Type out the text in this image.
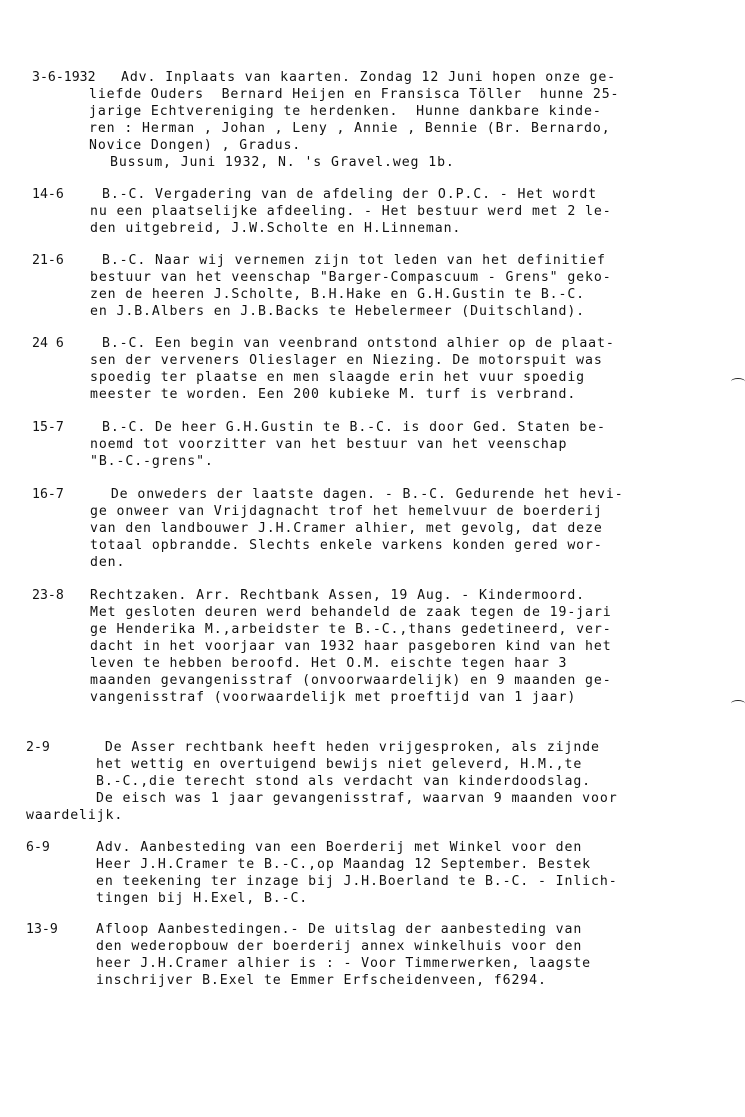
3-6-1932 Adv. Inplaats van kaarten. Zondag 12 Juni hopen onze ge-
liefde Ouders  Bernard Heijen en Fransisca Töller  hunne 25-
jarige Echtvereniging te herdenken.  Hunne dankbare kinde-
ren : Herman , Johan , Leny , Annie , Bennie (Br. Bernardo,
Novice Dongen) , Gradus.
Bussum, Juni 1932, N. 's Gravel.weg 1b.
14-6	B.-C. Vergadering van de afdeling der O.P.C. - Het wordt
nu een plaatselijke afdeeling. - Het bestuur werd met 2 le-
den uitgebreid, J.W.Scholte en H.Linneman.
21-6	B.-C. Naar wij vernemen zijn tot leden van het definitief
bestuur van het veenschap "Barger-Compascuum - Grens" geko-
zen de heeren J.Scholte, B.H.Hake en G.H.Gustin te B.-C.
en J.B.Albers en J.B.Backs te Hebelermeer (Duitschland).
24 6	B.-C. Een begin van veenbrand ontstond alhier op de plaat-
sen der verveners Olieslager en Niezing. De motorspuit was
spoedig ter plaatse en men slaagde erin het vuur spoedig
meester te worden. Een 200 kubieke M. turf is verbrand.
15-7	B.-C. De heer G.H.Gustin te B.-C. is door Ged. Staten be-
noemd tot voorzitter van het bestuur van het veenschap
"B.-C.-grens".
16-7	De onweders der laatste dagen. - B.-C. Gedurende het hevi-
ge onweer van Vrijdagnacht trof het hemelvuur de boerderij
van den landbouwer J.H.Cramer alhier, met gevolg, dat deze
totaal opbrandde. Slechts enkele varkens konden gered wor-
den.
23-8 Rechtzaken. Arr. Rechtbank Assen, 19 Aug. - Kindermoord.
Met gesloten deuren werd behandeld de zaak tegen de 19-jari
ge Henderika M.,arbeidster te B.-C.,thans gedetineerd, ver-
dacht in het voorjaar van 1932 haar pasgeboren kind van het
leven te hebben beroofd. Het O.M. eischte tegen haar 3
maanden gevangenisstraf (onvoorwaardelijk) en 9 maanden ge-
vangenisstraf (voorwaardelijk met proeftijd van 1 jaar)
2-9	De Asser rechtbank heeft heden vrijgesproken, als zijnde
het wettig en overtuigend bewijs niet geleverd, H.M.,te
B.-C.,die terecht stond als verdacht van kinderdoodslag.
De eisch was 1 jaar gevangenisstraf, waarvan 9 maanden voor
waardelijk.
6-9	Adv. Aanbesteding van een Boerderij met Winkel voor den
Heer J.H.Cramer te B.-C.,op Maandag 12 September. Bestek
en teekening ter inzage bij J.H.Boerland te B.-C. - Inlich-
tingen bij H.Exel, B.-C.
13-9	Afloop Aanbestedingen.- De uitslag der aanbesteding van
den wederopbouw der boerderij annex winkelhuis voor den
heer J.H.Cramer alhier is : - Voor Timmerwerken, laagste
inschrijver B.Exel te Emmer Erfscheidenveen, f6294.
